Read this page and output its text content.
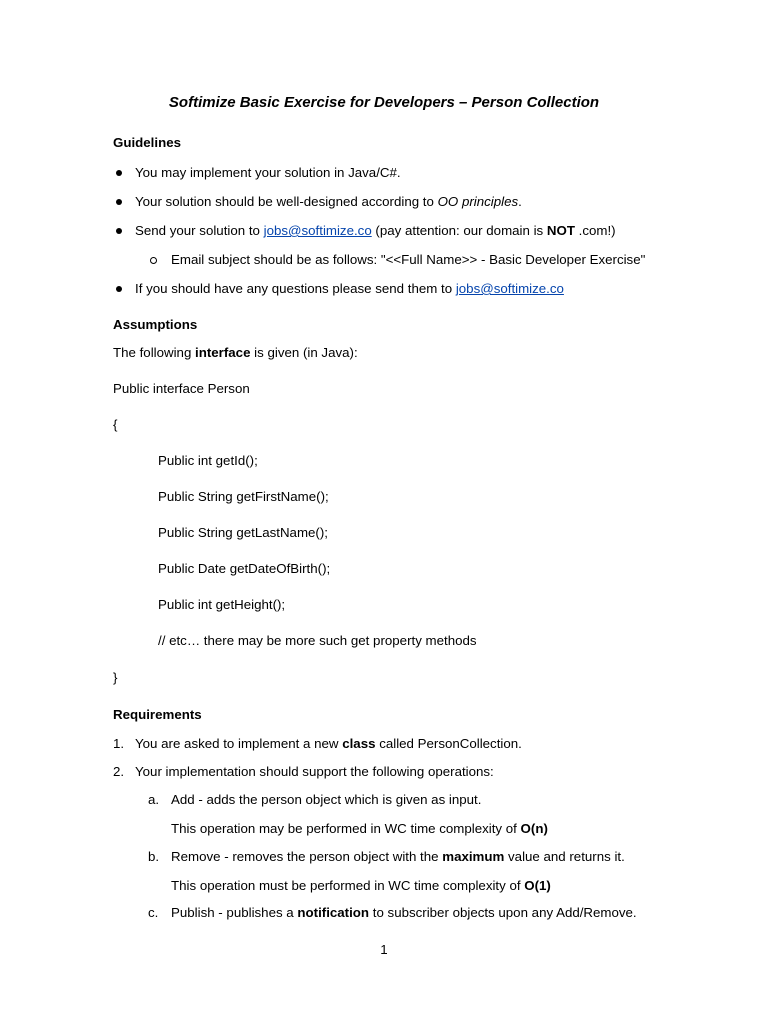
Softimize Basic Exercise for Developers – Person Collection
Guidelines
You may implement your solution in Java/C#.
Your solution should be well-designed according to OO principles.
Send your solution to jobs@softimize.co (pay attention: our domain is NOT .com!)
Email subject should be as follows: "<<Full Name>> - Basic Developer Exercise"
If you should have any questions please send them to jobs@softimize.co
Assumptions
The following interface is given (in Java):
Public interface Person
{
Public int getId();
Public String getFirstName();
Public String getLastName();
Public Date getDateOfBirth();
Public int getHeight();
// etc… there may be more such get property methods
}
Requirements
1. You are asked to implement a new class called PersonCollection.
2. Your implementation should support the following operations:
a. Add - adds the person object which is given as input.
This operation may be performed in WC time complexity of O(n)
b. Remove - removes the person object with the maximum value and returns it.
This operation must be performed in WC time complexity of O(1)
c. Publish - publishes a notification to subscriber objects upon any Add/Remove.
1
